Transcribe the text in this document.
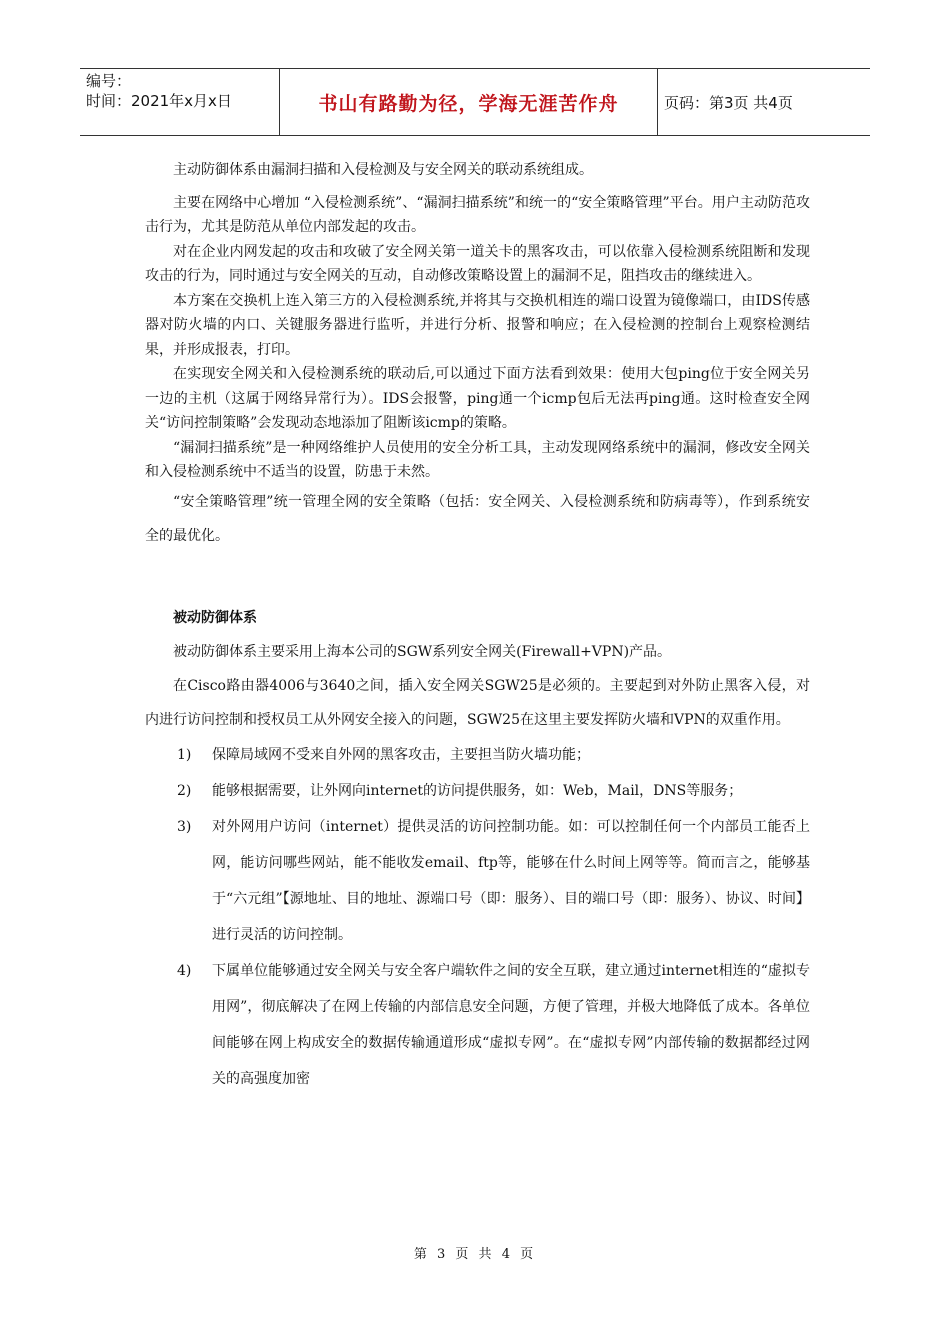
编号：
时间：2021年x月x日	书山有路勤为径，学海无涯苦作舟	页码：第3页 共4页

主动防御体系由漏洞扫描和入侵检测及与安全网关的联动系统组成。

主要在网络中心增加 “入侵检测系统”、“漏洞扫描系统”和统一的“安全策略管理”平台。用户主动防范攻击行为，尤其是防范从单位内部发起的攻击。

对在企业内网发起的攻击和攻破了安全网关第一道关卡的黑客攻击，可以依靠入侵检测系统阻断和发现攻击的行为，同时通过与安全网关的互动，自动修改策略设置上的漏洞不足，阻挡攻击的继续进入。

本方案在交换机上连入第三方的入侵检测系统,并将其与交换机相连的端口设置为镜像端口，由IDS传感器对防火墙的内口、关键服务器进行监听，并进行分析、报警和响应；在入侵检测的控制台上观察检测结果，并形成报表，打印。

在实现安全网关和入侵检测系统的联动后,可以通过下面方法看到效果：使用大包ping位于安全网关另一边的主机（这属于网络异常行为）。IDS会报警，ping通一个icmp包后无法再ping通。这时检查安全网关“访问控制策略”会发现动态地添加了阻断该icmp的策略。

“漏洞扫描系统”是一种网络维护人员使用的安全分析工具，主动发现网络系统中的漏洞，修改安全网关和入侵检测系统中不适当的设置，防患于未然。

“安全策略管理”统一管理全网的安全策略（包括：安全网关、入侵检测系统和防病毒等），作到系统安全的最优化。

被动防御体系

被动防御体系主要采用上海本公司的SGW系列安全网关(Firewall+VPN)产品。

在Cisco路由器4006与3640之间，插入安全网关SGW25是必须的。主要起到对外防止黑客入侵，对内进行访问控制和授权员工从外网安全接入的问题，SGW25在这里主要发挥防火墙和VPN的双重作用。

1) 保障局域网不受来自外网的黑客攻击，主要担当防火墙功能；
2) 能够根据需要，让外网向internet的访问提供服务，如：Web，Mail，DNS等服务；
3) 对外网用户访问（internet）提供灵活的访问控制功能。如：可以控制任何一个内部员工能否上网，能访问哪些网站，能不能收发email、ftp等，能够在什么时间上网等等。简而言之，能够基于“六元组”【源地址、目的地址、源端口号（即：服务）、目的端口号（即：服务）、协议、时间】进行灵活的访问控制。
4) 下属单位能够通过安全网关与安全客户端软件之间的安全互联，建立通过internet相连的“虚拟专用网”，彻底解决了在网上传输的内部信息安全问题，方便了管理，并极大地降低了成本。各单位间能够在网上构成安全的数据传输通道形成“虚拟专网”。在“虚拟专网”内部传输的数据都经过网关的高强度加密
第 3 页 共 4 页
